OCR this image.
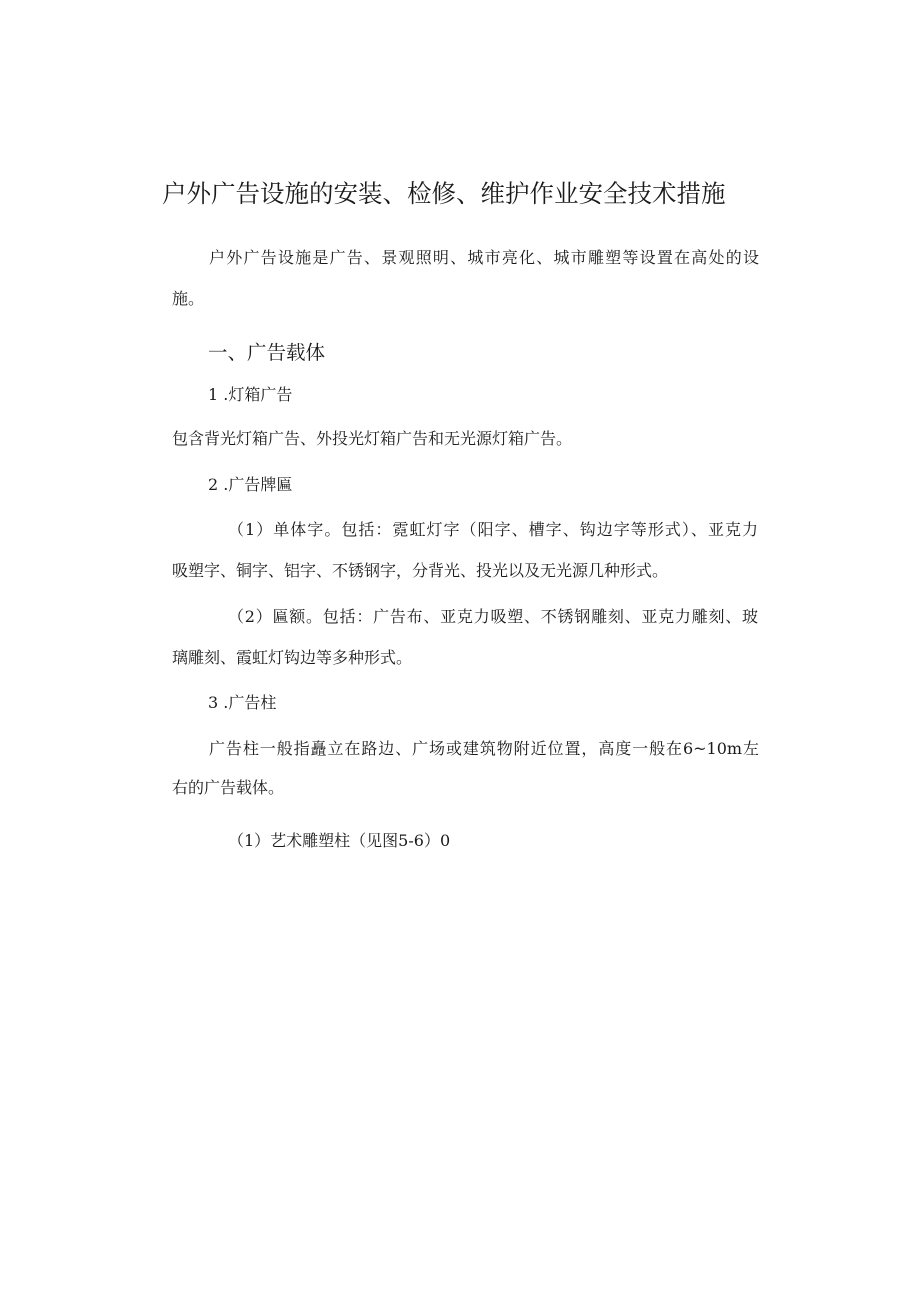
户外广告设施的安装、检修、维护作业安全技术措施

户外广告设施是广告、景观照明、城市亮化、城市雕塑等设置在高处的设

施。

一、广告载体

1 .灯箱广告

包含背光灯箱广告、外投光灯箱广告和无光源灯箱广告。

2 .广告牌匾

（1）单体字。包括：霓虹灯字（阳字、槽字、钩边字等形式）、亚克力

吸塑字、铜字、铝字、不锈钢字，分背光、投光以及无光源几种形式。

（2）匾额。包括：广告布、亚克力吸塑、不锈钢雕刻、亚克力雕刻、玻

璃雕刻、霞虹灯钩边等多种形式。

3 .广告柱

广告柱一般指矗立在路边、广场或建筑物附近位置，高度一般在6~10m左

右的广告载体。

（1）艺术雕塑柱（见图5-6）0
